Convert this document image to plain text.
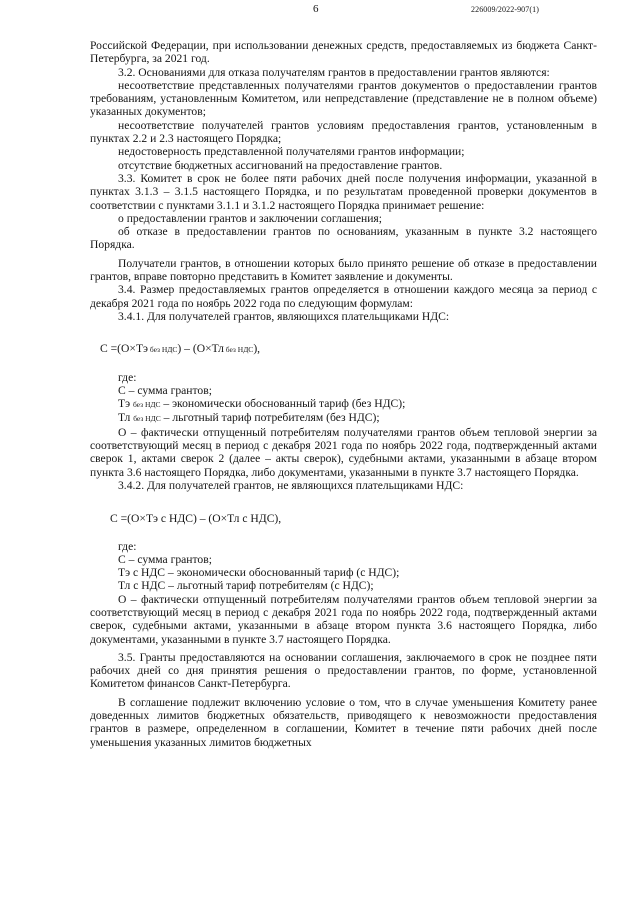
6	226009/2022-907(1)

Российской Федерации, при использовании денежных средств, предоставляемых из бюджета Санкт-Петербурга, за 2021 год.

3.2. Основаниями для отказа получателям грантов в предоставлении грантов являются:

несоответствие представленных получателями грантов документов о предоставлении грантов требованиям, установленным Комитетом, или непредставление (представление не в полном объеме) указанных документов;

несоответствие получателей грантов условиям предоставления грантов, установленным в пунктах 2.2 и 2.3 настоящего Порядка;

недостоверность представленной получателями грантов информации;

отсутствие бюджетных ассигнований на предоставление грантов.

3.3. Комитет в срок не более пяти рабочих дней после получения информации, указанной в пунктах 3.1.3 – 3.1.5 настоящего Порядка, и по результатам проведенной проверки документов в соответствии с пунктами 3.1.1 и 3.1.2 настоящего Порядка принимает решение:

о предоставлении грантов и заключении соглашения;

об отказе в предоставлении грантов по основаниям, указанным в пункте 3.2 настоящего Порядка.

Получатели грантов, в отношении которых было принято решение об отказе в предоставлении грантов, вправе повторно представить в Комитет заявление и документы.

3.4. Размер предоставляемых грантов определяется в отношении каждого месяца за период с декабря 2021 года по ноябрь 2022 года по следующим формулам:

3.4.1. Для получателей грантов, являющихся плательщиками НДС:

С =(О×Тэ без НДС) – (О×Тл без НДС),

где:

С – сумма грантов;

Тэ без НДС – экономически обоснованный тариф (без НДС);

Тл без НДС – льготный тариф потребителям (без НДС);

О – фактически отпущенный потребителям получателями грантов объем тепловой энергии за соответствующий месяц в период с декабря 2021 года по ноябрь 2022 года, подтвержденный актами сверок 1, актами сверок 2 (далее – акты сверок), судебными актами, указанными в абзаце втором пункта 3.6 настоящего Порядка, либо документами, указанными в пункте 3.7 настоящего Порядка.

3.4.2. Для получателей грантов, не являющихся плательщиками НДС:

С =(О×Тэ с НДС) – (О×Тл с НДС),

где:

С – сумма грантов;

Тэ с НДС – экономически обоснованный тариф (с НДС);

Тл с НДС – льготный тариф потребителям (с НДС);

О – фактически отпущенный потребителям получателями грантов объем тепловой энергии за соответствующий месяц в период с декабря 2021 года по ноябрь 2022 года, подтвержденный актами сверок, судебными актами, указанными в абзаце втором пункта 3.6 настоящего Порядка, либо документами, указанными в пункте 3.7 настоящего Порядка.

3.5. Гранты предоставляются на основании соглашения, заключаемого в срок не позднее пяти рабочих дней со дня принятия решения о предоставлении грантов, по форме, установленной Комитетом финансов Санкт-Петербурга.

В соглашение подлежит включению условие о том, что в случае уменьшения Комитету ранее доведенных лимитов бюджетных обязательств, приводящего к невозможности предоставления грантов в размере, определенном в соглашении, Комитет в течение пяти рабочих дней после уменьшения указанных лимитов бюджетных
